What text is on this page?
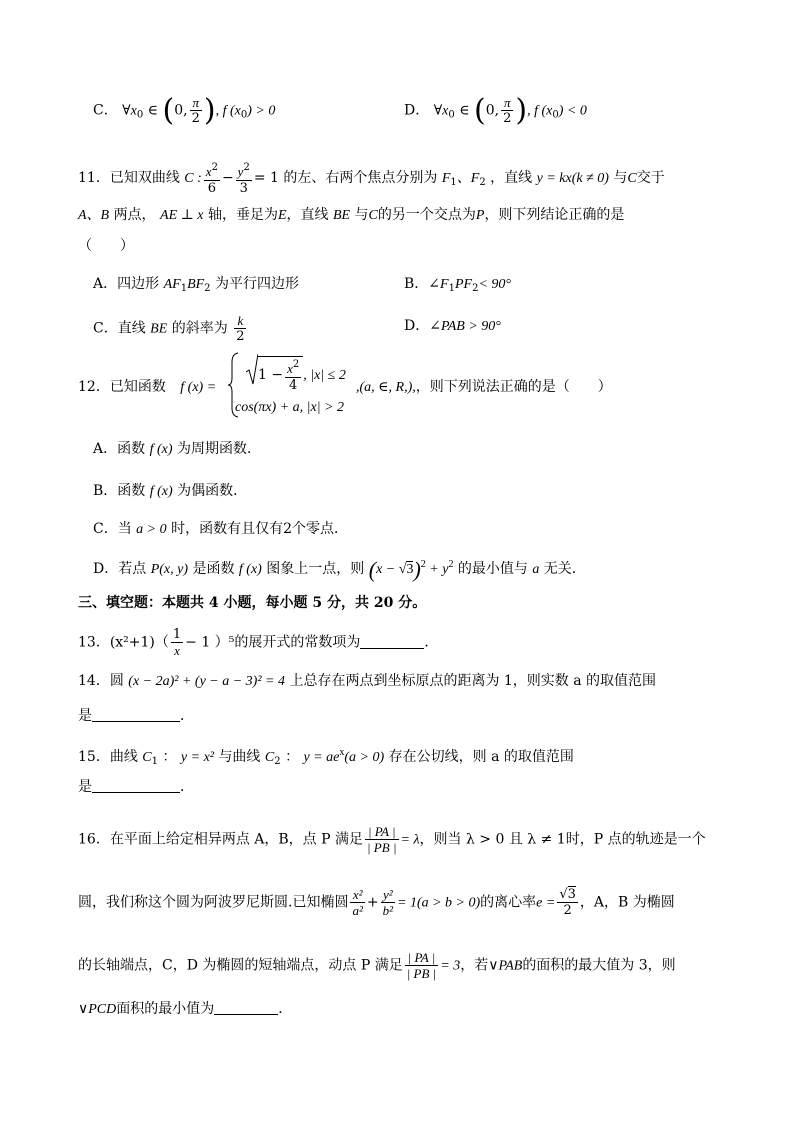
C． $\forall x_0$ ∈ (0, $\frac{\pi}{2}$ ), f $(x_0) > 0$	D． $\forall x_0$ ∈ (0, $\frac{\pi}{2}$ ), f $(x_0) < 0$
11．已知双曲线 C : $\frac{x^2}{6} - \frac{y^2}{3} = 1$ 的左、右两个焦点分别为 $F_1$、$F_2$ ，直线 y = kx(k ≠ 0) 与C交于
A、B 两点， AE ⊥ x 轴，垂足为E，直线 BE 与C的另一个交点为P，则下列结论正确的是
（　　）
A．四边形 $AF_1BF_2$ 为平行四边形	B．$\angle F_1PF_2< 90^\circ$
C．直线 BE 的斜率为 $\frac{k}{2}$	D．∠PAB > 90°
12．已知函数 f (x) =
$1 - \frac{x^2}{4}$ , |x| ≤ 2
cos(πx) + a, |x| > 2
,(a, ∈, R,),，则下列说法正确的是（　　）
A．函数 f (x) 为周期函数．
B．函数 f (x) 为偶函数．
C．当 a > 0 时，函数有且仅有2个零点．
D．若点 P(x, y) 是函数 f (x) 图象上一点，则 $(x - √3)^2 + y^2$ 的最小值与 a 无关．
三、填空题：本题共 4 小题，每小题 5 分，共 20 分。
13．$(x^2+1)( \frac{1}{x} - 1$ ）⁵的展开式的常数项为	．
14．圆 (x − 2a)² + (y − a − 3)² = 4 上总存在两点到坐标原点的距离为 1，则实数 a 的取值范围
是	．
15．曲线 $C_1$ ： y = x² 与曲线 $C_2$ ： $y = ae^x(a > 0)$ 存在公切线，则 a 的取值范围
是	．
16．在平面上给定相异两点 A，B，点 P 满足 $\frac{| PA |}{| PB |} = \lambda$，则当 λ > 0 且 λ ≠ 1时，P 点的轨迹是一个
圆，我们称这个圆为阿波罗尼斯圆.已知椭圆 $\frac{\text{x²}}{\text{a²}} + \frac{\text{y²}}{\text{b²}} = 1(a > b > 0)$的离心率$e = \frac{√3}{2}$ ，A，B 为椭圆
的长轴端点，C，D 为椭圆的短轴端点，动点 P 满足 $\frac{| PA |}{| PB |} = 3$，若∨PAB的面积的最大值为 3，则
∨PCD面积的最小值为	．
